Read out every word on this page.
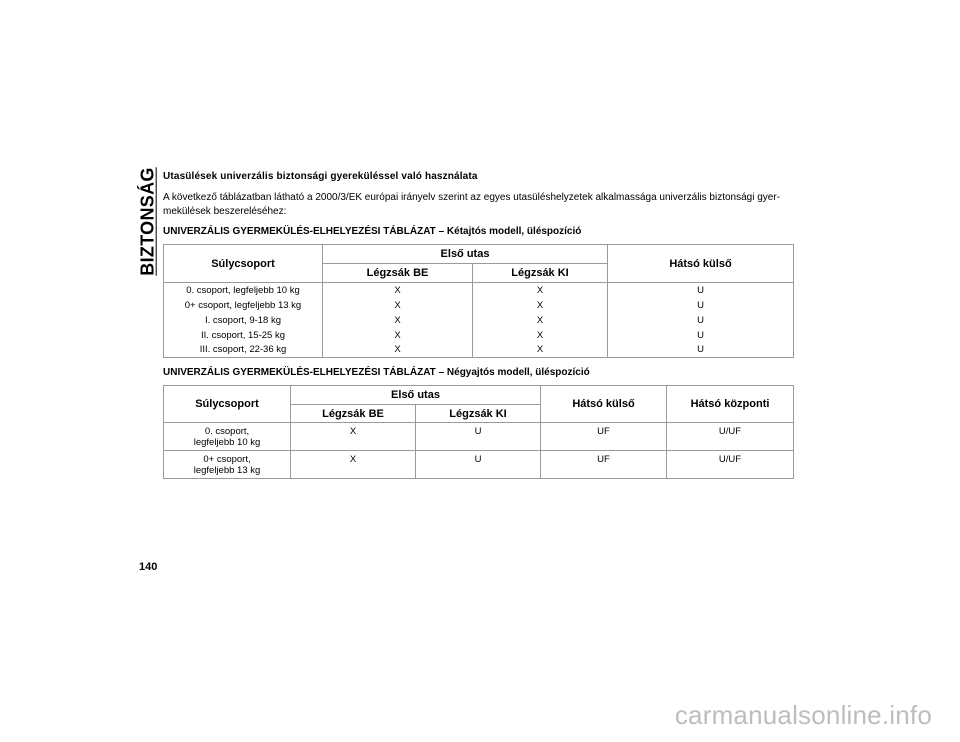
BIZTONSÁG Utasülések univerzális biztonsági gyereküléssel való használata
A következő táblázatban látható a 2000/3/EK európai irányelv szerint az egyes utasüléshelyzetek alkalmassága univerzális biztonsági gyer-mekülések beszereléséhez:
UNIVERZÁLIS GYERMEKÜLÉS-ELHELYEZÉSI TÁBLÁZAT – Kétajtós modell, üléspozíció
Súlycsoport	Első utas		Hátsó külső
	Légzsák BE	Légzsák KI	
0. csoport, legfeljebb 10 kg	X	X	U
0+ csoport, legfeljebb 13 kg	X	X	U
I. csoport, 9-18 kg	X	X	U
II. csoport, 15-25 kg	X	X	U
III. csoport, 22-36 kg	X	X	U
UNIVERZÁLIS GYERMEKÜLÉS-ELHELYEZÉSI TÁBLÁZAT – Négyajtós modell, üléspozíció
Súlycsoport	Első utas		Hátsó külső	Hátsó központi
	Légzsák BE	Légzsák KI		

0. csoport,
legfeljebb 10 kg	X	U	UF	U/UF

0+ csoport,
legfeljebb 13 kg	X	U	UF	U/UF
140
carmanualsonline.info
